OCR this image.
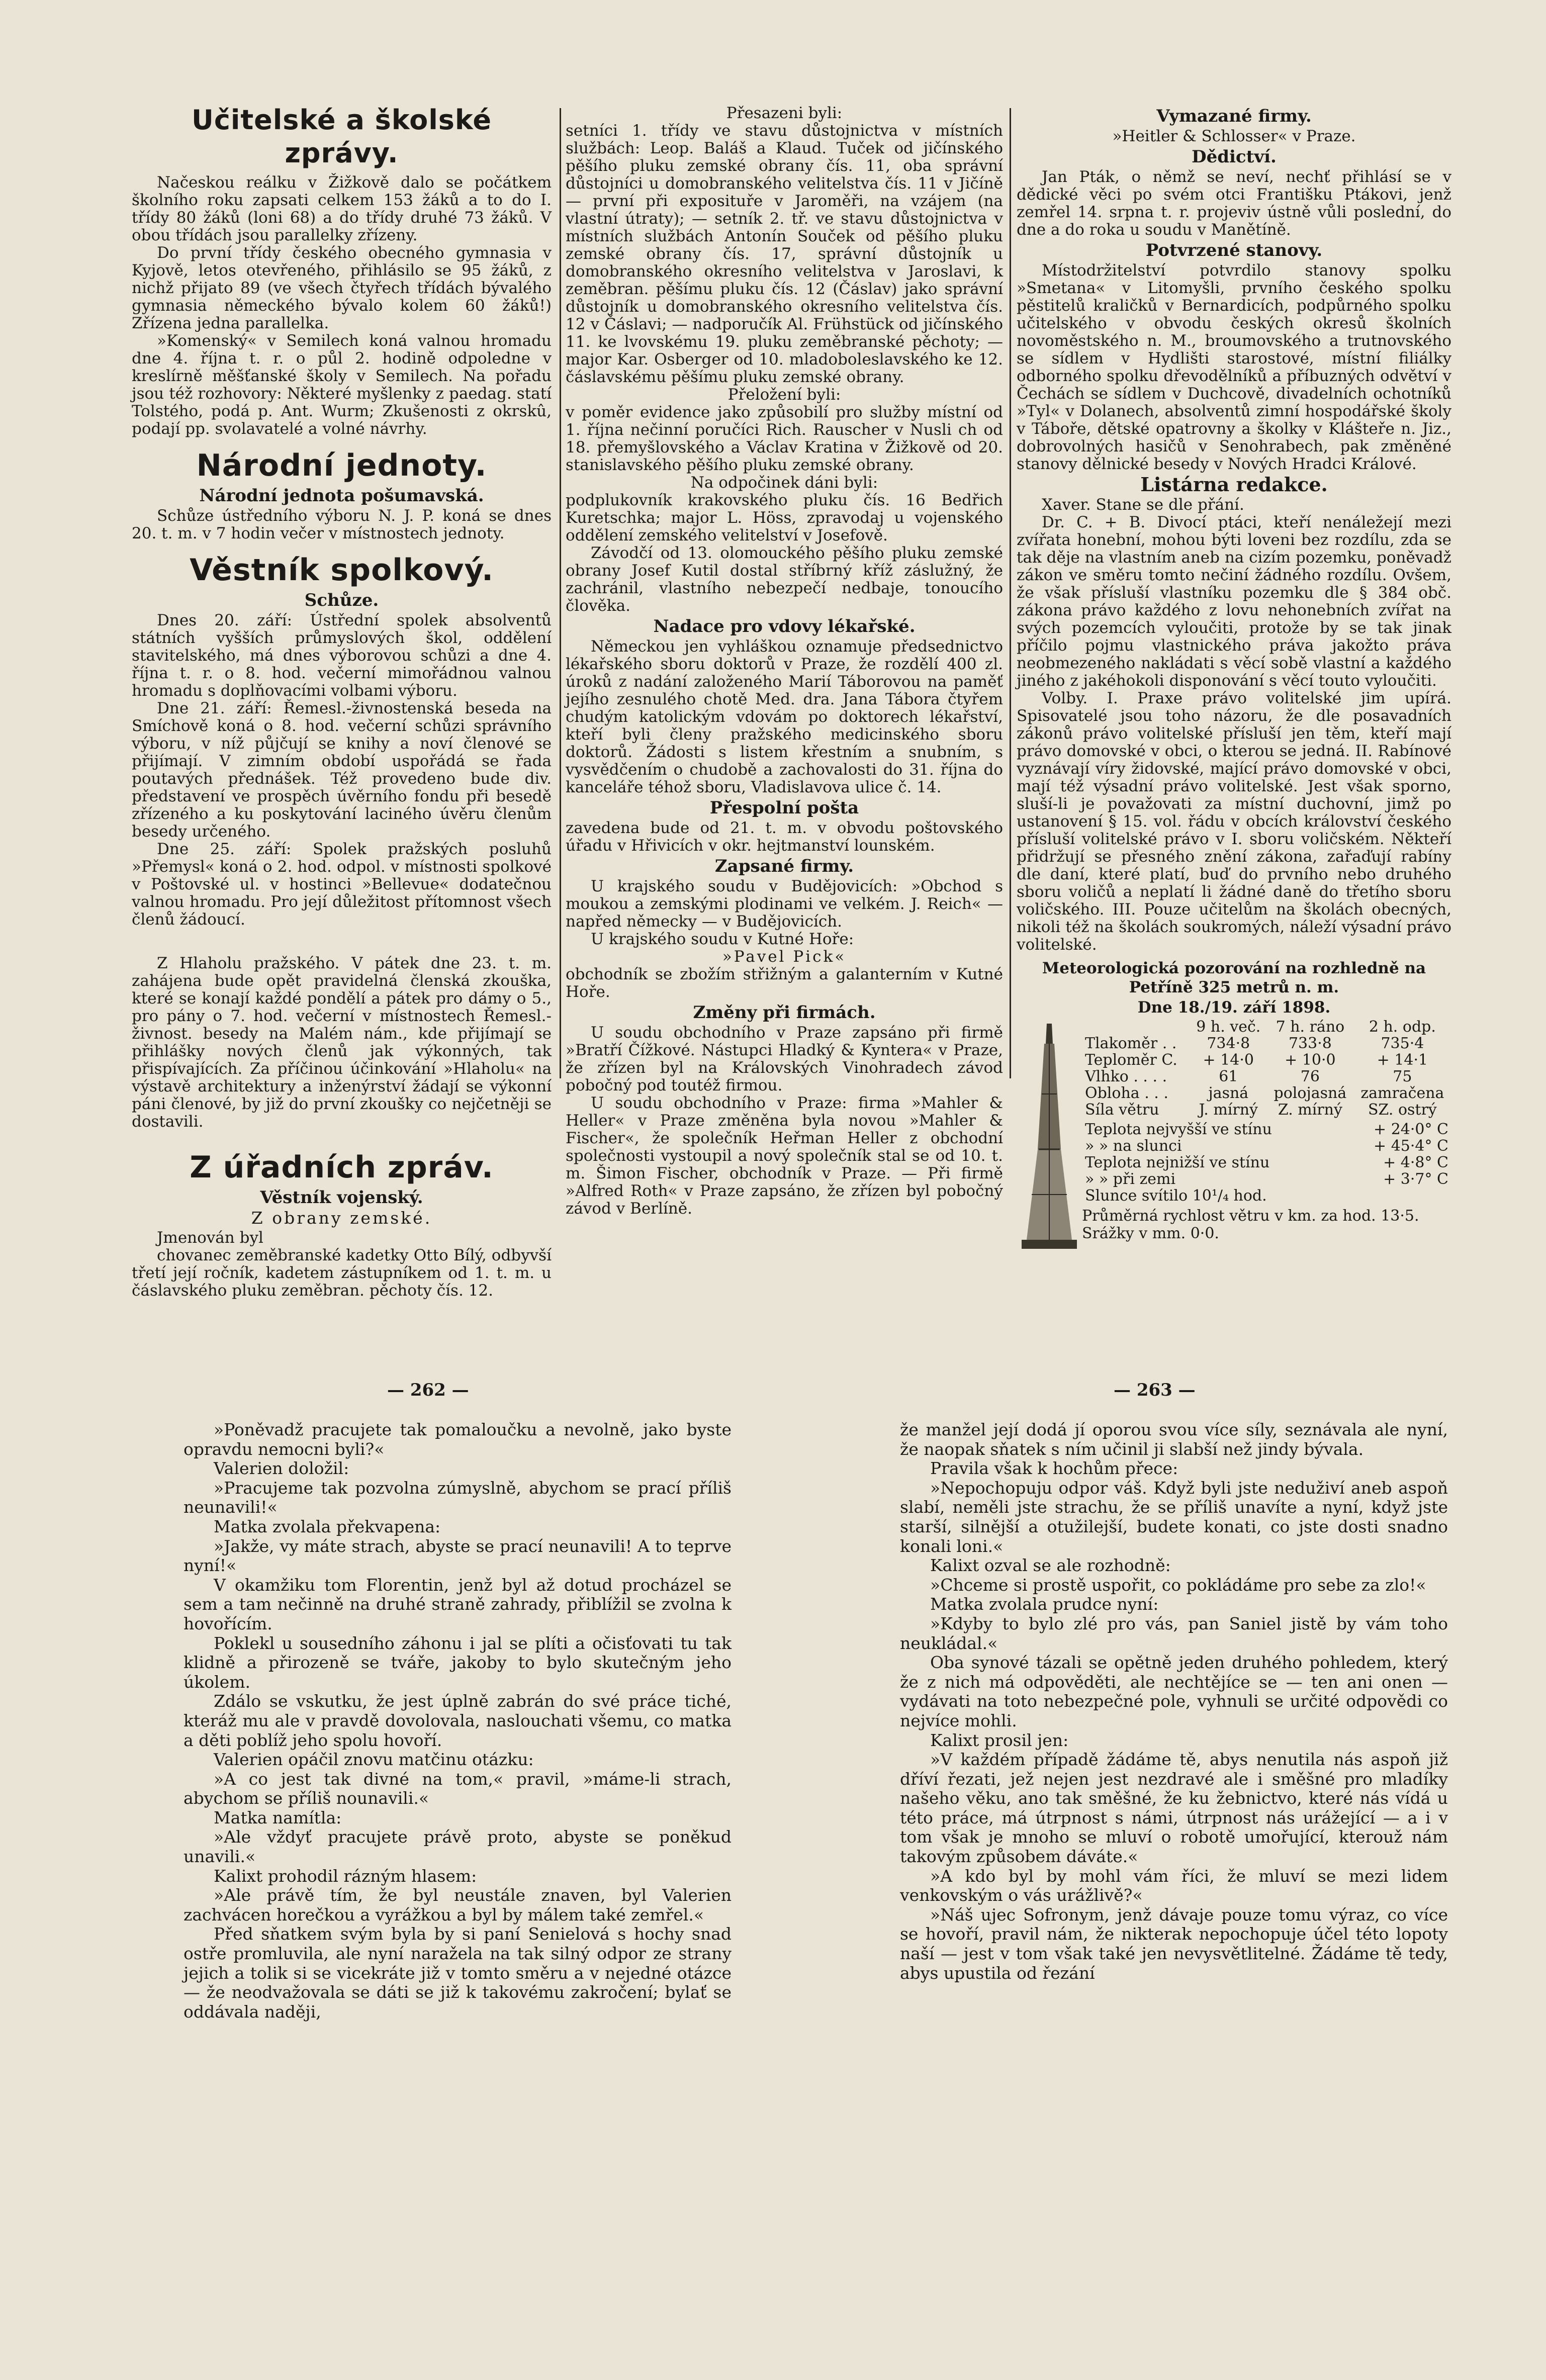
Učitelské a školské zprávy.

Načeskou reálku v Žižkově dalo se počátkem školního roku zapsati celkem 153 žáků a to do I. třídy 80 žáků (loni 68) a do třídy druhé 73 žáků. V obou třídách jsou parallelky zřízeny.

Do první třídy českého obecného gymnasia v Kyjově, letos otevřeného, přihlásilo se 95 žáků, z nichž přijato 89 (ve všech čtyřech třídách bývalého gymnasia německého bývalo kolem 60 žáků!) Zřízena jedna parallelka.

»Komenský« v Semilech koná valnou hromadu dne 4. října t. r. o půl 2. hodině odpoledne v kreslírně měšťanské školy v Semilech. Na pořadu jsou též rozhovory: Některé myšlenky z paedag. statí Tolstého, podá p. Ant. Wurm; Zkušenosti z okrskû, podají pp. svolavatelé a volné návrhy.

Národní jednoty.
Národní jednota pošumavská.

Schůze ústředního výboru N. J. P. koná se dnes 20. t. m. v 7 hodin večer v místnostech jednoty.

Věstník spolkový.
Schůze.

Dnes 20. září: Ústřední spolek absolventů státních vyšších průmyslových škol, oddělení stavitelského, má dnes výborovou schůzi a dne 4. října t. r. o 8. hod. večerní mimořádnou valnou hromadu s doplňovacími volbami výboru.

Dne 21. září: Řemesl.-živnostenská beseda na Smíchově koná o 8. hod. večerní schůzi správního výboru, v níž půjčují se knihy a noví členové se přijímají. V zimním období uspořádá se řada poutavých přednášek. Též provedeno bude div. představení ve prospěch úvěrního fondu při besedě zřízeného a ku poskytování laciného úvěru členům besedy určeného.

Dne 25. září: Spolek pražských posluhů »Přemysl« koná o 2. hod. odpol. v místnosti spolkové v Poštovské ul. v hostinci »Bellevue« dodatečnou valnou hromadu. Pro její důležitost přítomnost všech členů žádoucí.

Z Hlaholu pražského. V pátek dne 23. t. m. zahájena bude opět pravidelná členská zkouška, které se konají každé pondělí a pátek pro dámy o 5., pro pány o 7. hod. večerní v místnostech Řemesl.-živnost. besedy na Malém nám., kde přijímají se přihlášky nových členů jak výkonných, tak přispívajících. Za příčinou účinkování »Hlaholu« na výstavě architektury a inženýrství žádají se výkonní páni členové, by již do první zkoušky co nejčetněji se dostavili.

Z úřadních zpráv.
Věstník vojenský.
Z obrany zemské.

Jmenován byl

chovanec zeměbranské kadetky Otto Bílý, odbyvší třetí její ročník, kadetem zástupníkem od 1. t. m. u čáslavského pluku zeměbran. pěchoty čís. 12.

Přesazeni byli:

setníci 1. třídy ve stavu důstojnictva v místních službách: Leop. Baláš a Klaud. Tuček od jičínského pěšího pluku zemské obrany čís. 11, oba správní důstojníci u domobranského velitelstva čís. 11 v Jičíně — první při exposituře v Jaroměři, na vzájem (na vlastní útraty); — setník 2. tř. ve stavu důstojnictva v místních službách Antonín Souček od pěšího pluku zemské obrany čís. 17, správní důstojník u domobranského okresního velitelstva v Jaroslavi, k zeměbran. pěšímu pluku čís. 12 (Čáslav) jako správní důstojník u domobranského okresního velitelstva čís. 12 v Čáslavi; — nadporučík Al. Frühstück od jičínského 11. ke lvovskému 19. pluku zeměbranské pěchoty; — major Kar. Osberger od 10. mladoboleslavského ke 12. čáslavskému pěšímu pluku zemské obrany.

Přeložení byli:

v poměr evidence jako způsobilí pro služby místní od 1. října nečinní poručíci Rich. Rauscher v Nusli ch od 18. přemyšlovského a Václav Kratina v Žižkově od 20. stanislavského pěšího pluku zemské obrany.

Na odpočinek dáni byli:

podplukovník krakovského pluku čís. 16 Bedřich Kuretschka; major L. Höss, zpravodaj u vojenského oddělení zemského velitelství v Josefově.

Závodčí od 13. olomouckého pěšího pluku zemské obrany Josef Kutil dostal stříbrný kříž záslužný, že zachránil, vlastního nebezpečí nedbaje, tonoucího člověka.

Nadace pro vdovy lékařské.

Německou jen vyhláškou oznamuje předsednictvo lékařského sboru doktorů v Praze, že rozdělí 400 zl. úroků z nadání založeného Marií Táborovou na paměť jejího zesnulého chotě Med. dra. Jana Tábora čtyřem chudým katolickým vdovám po doktorech lékařství, kteří byli členy pražského medicinského sboru doktorů. Žádosti s listem křestním a snubním, s vysvědčením o chudobě a zachovalosti do 31. října do kanceláře téhož sboru, Vladislavova ulice č. 14.

Přespolní pošta

zavedena bude od 21. t. m. v obvodu poštovského úřadu v Hřivicích v okr. hejtmanství lounském.

Zapsané firmy.

U krajského soudu v Budějovicích: »Obchod s moukou a zemskými plodinami ve velkém. J. Reich« — napřed německy — v Budějovicích.

U krajského soudu v Kutné Hoře:

»Pavel Pick«

obchodník se zbožím střižným a galanterním v Kutné Hoře.

Změny při firmách.

U soudu obchodního v Praze zapsáno při firmě »Bratří Čížkové. Nástupci Hladký & Kyntera« v Praze, že zřízen byl na Královských Vinohradech závod pobočný pod toutéž firmou.

U soudu obchodního v Praze: firma »Mahler & Heller« v Praze změněna byla novou »Mahler & Fischer«, že společník Heřman Heller z obchodní společnosti vystoupil a nový společník stal se od 10. t. m. Šimon Fischer, obchodník v Praze. — Při firmě »Alfred Roth« v Praze zapsáno, že zřízen byl pobočný závod v Berlíně.

Vymazané firmy.

»Heitler & Schlosser« v Praze.

Dědictví.

Jan Pták, o němž se neví, nechť přihlásí se v dědické věci po svém otci Františku Ptákovi, jenž zemřel 14. srpna t. r. projeviv ústně vůli poslední, do dne a do roka u soudu v Manětíně.

Potvrzené stanovy.

Místodržitelství potvrdilo stanovy spolku »Smetana« v Litomyšli, prvního českého spolku pěstitelů kraličků v Bernardicích, podpůrného spolku učitelského v obvodu českých okresů školních novoměstského n. M., broumovského a trutnovského se sídlem v Hydlišti starostové, místní filiálky odborného spolku dřevodělníků a příbuzných odvětví v Čechách se sídlem v Duchcově, divadelních ochotníků »Tyl« v Dolanech, absolventů zimní hospodářské školy v Táboře, dětské opatrovny a školky v Klášteře n. Jiz., dobrovolných hasičů v Senohrabech, pak změněné stanovy dělnické besedy v Nových Hradci Králové.

Listárna redakce.

Xaver. Stane se dle přání.

Dr. C. + B. Divocí ptáci, kteří nenáležejí mezi zvířata honební, mohou býti loveni bez rozdílu, zda se tak děje na vlastním aneb na cizím pozemku, poněvadž zákon ve směru tomto nečiní žádného rozdílu. Ovšem, že však přísluší vlastníku pozemku dle § 384 obč. zákona právo každého z lovu nehonebních zvířat na svých pozemcích vyloučiti, protože by se tak jinak příčilo pojmu vlastnického práva jakožto práva neobmezeného nakládati s věcí sobě vlastní a každého jiného z jakéhokoli disponování s věcí touto vyloučiti.

Volby. I. Praxe právo volitelské jim upírá. Spisovatelé jsou toho názoru, že dle posavadních zákonů právo volitelské přísluší jen těm, kteří mají právo domovské v obci, o kterou se jedná. II. Rabínové vyznávají víry židovské, mající právo domovské v obci, mají též výsadní právo volitelské. Jest však sporno, sluší-li je považovati za místní duchovní, jimž po ustanovení § 15. vol. řádu v obcích království českého přísluší volitelské právo v I. sboru voličském. Někteří přidržují se přesného znění zákona, zařaďují rabíny dle daní, které platí, buď do prvního nebo druhého sboru voličů a neplatí li žádné daně do třetího sboru voličského. III. Pouze učitelům na školách obecných, nikoli též na školách soukromých, náleží výsadní právo volitelské.

Meteorologická pozorování na rozhledně na Petříně 325 metrů n. m.
Dne 18./19. září 1898.
	9 h. več.	7 h. ráno	2 h. odp.
Tlakoměr . .	734·8	733·8	735·4
Teploměr C.	+ 14·0	+ 10·0	+ 14·1
Vlhko . . . .	61	76	75
Obloha . . .	jasná	polojasná	zamračena
Síla větru	J. mírný	Z. mírný	SZ. ostrý
Teplota nejvyšší ve stínu	+ 24·0° C
» » na slunci	+ 45·4° C
Teplota nejnižší ve stínu	+ 4·8° C
» » při zemi	+ 3·7° C
Slunce svítilo 10¹/₄ hod.	
Průměrná rychlost větru v km. za hod. 13·5.
Srážky v mm. 0·0.
— 262 —	— 263 —

»Poněvadž pracujete tak pomaloučku a nevolně, jako byste opravdu nemocni byli?«

Valerien doložil:

»Pracujeme tak pozvolna zúmyslně, abychom se prací příliš neunavili!«

Matka zvolala překvapena:

»Jakže, vy máte strach, abyste se prací neunavili! A to teprve nyní!«

V okamžiku tom Florentin, jenž byl až dotud procházel se sem a tam nečinně na druhé straně zahrady, přiblížil se zvolna k hovořícím.

Poklekl u sousedního záhonu i jal se plíti a očisťovati tu tak klidně a přirozeně se tváře, jakoby to bylo skutečným jeho úkolem.

Zdálo se vskutku, že jest úplně zabrán do své práce tiché, kteráž mu ale v pravdě dovolovala, naslouchati všemu, co matka a děti poblíž jeho spolu hovoří.

Valerien opáčil znovu matčinu otázku:

»A co jest tak divné na tom,« pravil, »máme-li strach, abychom se příliš nounavili.«

Matka namítla:

»Ale vždyť pracujete právě proto, abyste se poněkud unavili.«

Kalixt prohodil rázným hlasem:

»Ale právě tím, že byl neustále znaven, byl Valerien zachvácen horečkou a vyrážkou a byl by málem také zemřel.«

Před sňatkem svým byla by si paní Senielová s hochy snad ostře promluvila, ale nyní naražela na tak silný odpor ze strany jejich a tolik si se vicekráte již v tomto směru a v nejedné otázce — že neodvažovala se dáti se již k takovému zakročení; bylať se oddávala naději,

že manžel její dodá jí oporou svou více síly, seznávala ale nyní, že naopak sňatek s ním učinil ji slabší než jindy bývala.

Pravila však k hochům přece:

»Nepochopuju odpor váš. Když byli jste neduživí aneb aspoň slabí, neměli jste strachu, že se příliš unavíte a nyní, když jste starší, silnější a otužilejší, budete konati, co jste dosti snadno konali loni.«

Kalixt ozval se ale rozhodně:

»Chceme si prostě uspořit, co pokládáme pro sebe za zlo!«

Matka zvolala prudce nyní:

»Kdyby to bylo zlé pro vás, pan Saniel jistě by vám toho neukládal.«

Oba synové tázali se opětně jeden druhého pohledem, který že z nich má odpověděti, ale nechtějíce se — ten ani onen — vydávati na toto nebezpečné pole, vyhnuli se určité odpovědi co nejvíce mohli.

Kalixt prosil jen:

»V každém případě žádáme tě, abys nenutila nás aspoň již dříví řezati, jež nejen jest nezdravé ale i směšné pro mladíky našeho věku, ano tak směšné, že ku žebnictvo, které nás vídá u této práce, má útrpnost s námi, útrpnost nás urážející — a i v tom však je mnoho se mluví o robotě umořující, kterouž nám takovým způsobem dáváte.«

»A kdo byl by mohl vám říci, že mluví se mezi lidem venkovským o vás urážlivě?«

»Náš ujec Sofronym, jenž dávaje pouze tomu výraz, co více se hovoří, pravil nám, že nikterak nepochopuje účel této lopoty naší — jest v tom však také jen nevysvětlitelné. Žádáme tě tedy, abys upustila od řezání
